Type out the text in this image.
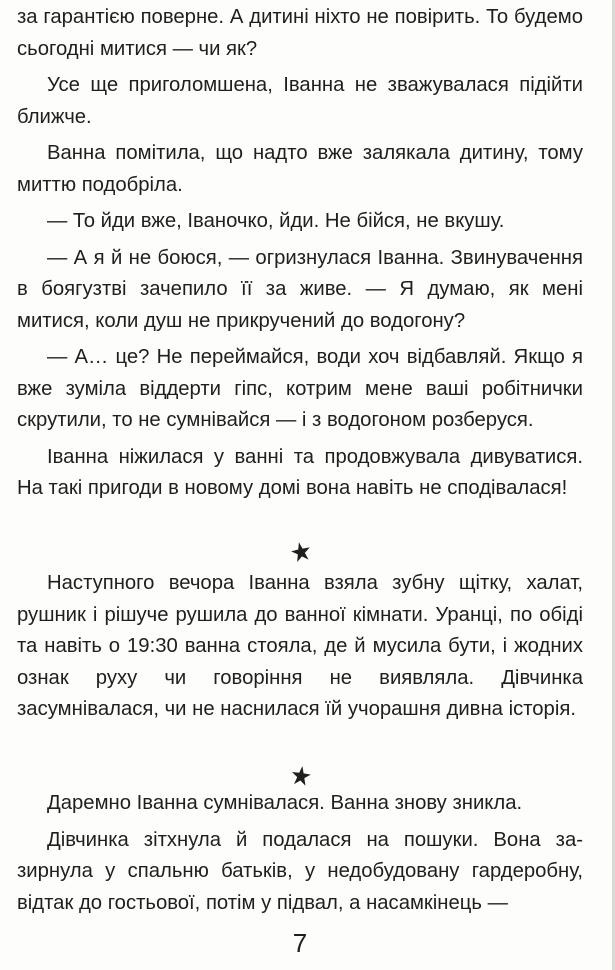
за гарантією поверне. А дитині ніхто не повірить. То будемо сьогодні митися — чи як?

Усе ще приголомшена, Іванна не зважувалася підійти ближче.

Ванна помітила, що надто вже залякала дитину, тому миттю подобріла.

— То йди вже, Іваночко, йди. Не бійся, не вкушу.

— А я й не боюся, — огризнулася Іванна. Звинувачення в боягузтві зачепило її за живе. — Я думаю, як мені митися, коли душ не прикручений до водогону?

— А… це? Не переймайся, води хоч відбавляй. Якщо я вже зуміла віддерти гіпс, котрим мене ваші робітнички скрутили, то не сумнівайся — і з водогоном розберуся.

Іванна ніжилася у ванні та продовжувала дивуватися. На такі пригоди в новому домі вона навіть не сподівалася!

Наступного вечора Іванна взяла зубну щітку, халат, рушник і рішуче рушила до ванної кімнати. Уранці, по обіді та навіть о 19:30 ванна стояла, де й мусила бути, і жодних ознак руху чи говоріння не виявляла. Дівчинка засумнівалася, чи не наснилася їй учорашня дивна історія.

Даремно Іванна сумнівалася. Ванна знову зникла.

Дівчинка зітхнула й подалася на пошуки. Вона зазирнула у спальню батьків, у недобудовану гардеробну, відтак до гостьової, потім у підвал, а насамкінець —

7
